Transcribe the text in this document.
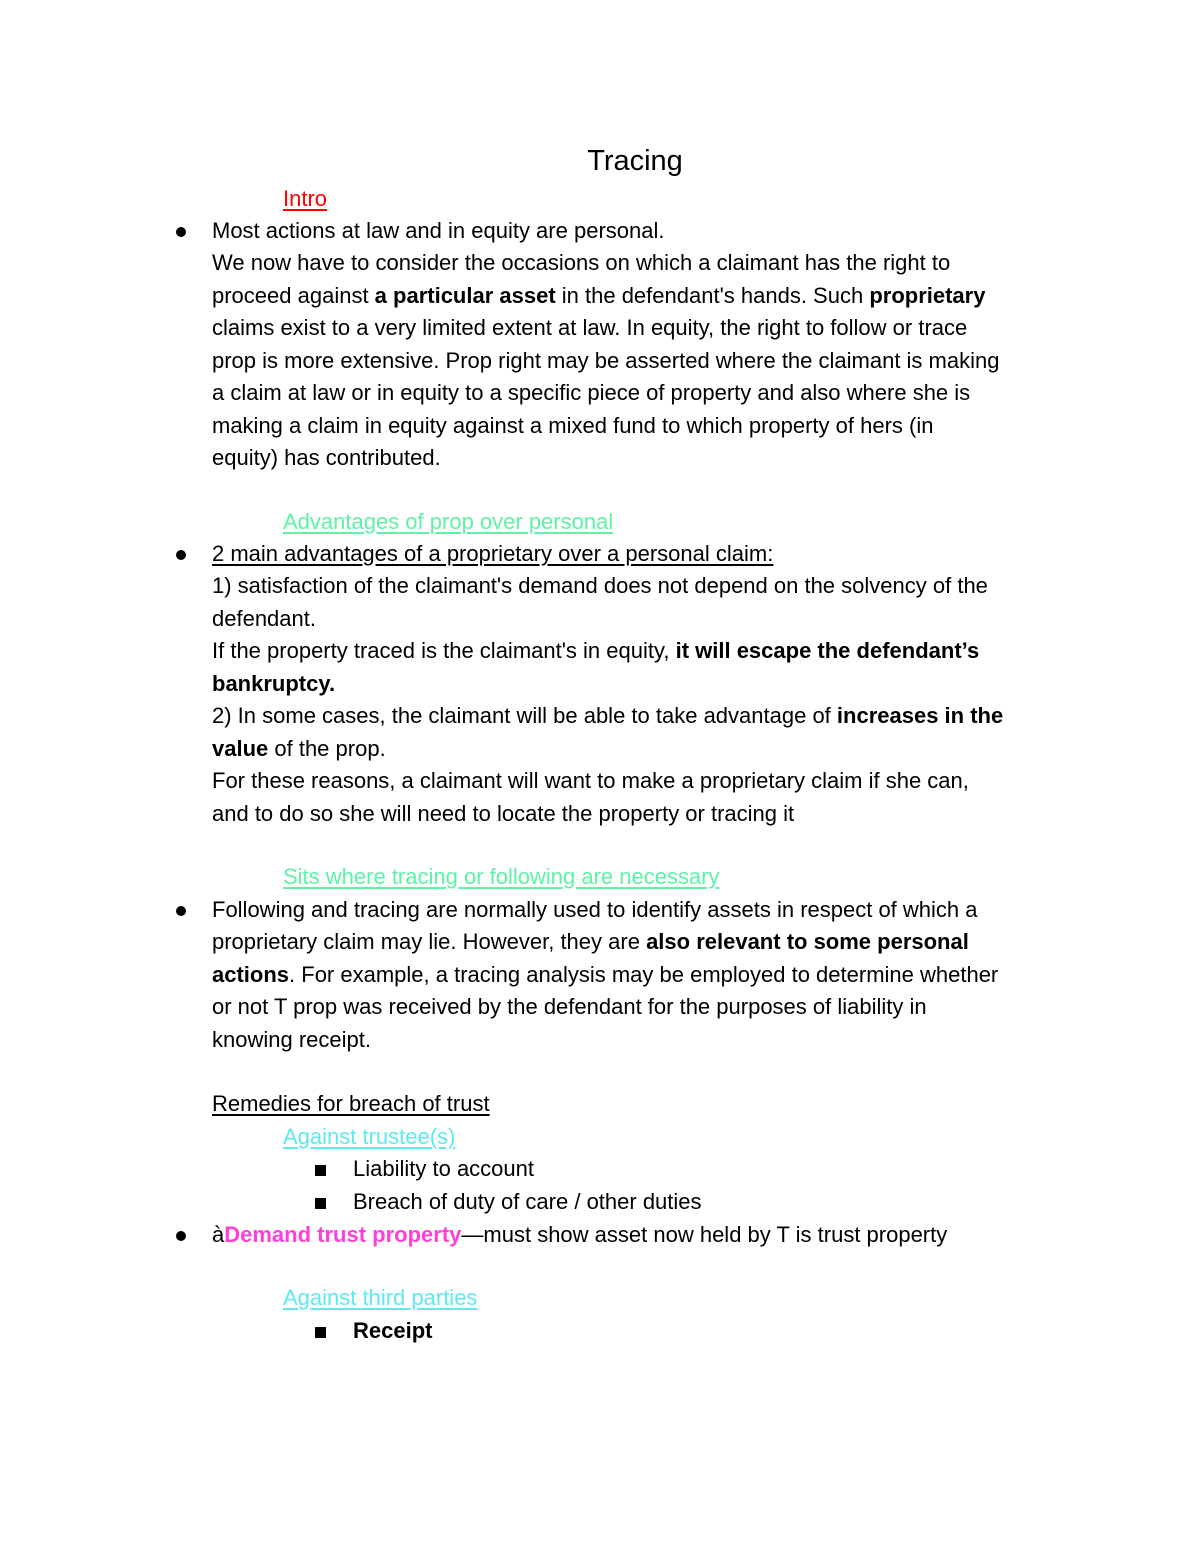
Tracing
Intro
Most actions at law and in equity are personal.
We now have to consider the occasions on which a claimant has the right to
proceed against a particular asset in the defendant's hands. Such proprietary
claims exist to a very limited extent at law. In equity, the right to follow or trace
prop is more extensive. Prop right may be asserted where the claimant is making
a claim at law or in equity to a specific piece of property and also where she is
making a claim in equity against a mixed fund to which property of hers (in
equity) has contributed.
Advantages of prop over personal
2 main advantages of a proprietary over a personal claim:
1) satisfaction of the claimant's demand does not depend on the solvency of the
defendant.
If the property traced is the claimant's in equity, it will escape the defendant’s
bankruptcy.
2) In some cases, the claimant will be able to take advantage of increases in the
value of the prop.
For these reasons, a claimant will want to make a proprietary claim if she can,
and to do so she will need to locate the property or tracing it
Sits where tracing or following are necessary
Following and tracing are normally used to identify assets in respect of which a
proprietary claim may lie. However, they are also relevant to some personal
actions. For example, a tracing analysis may be employed to determine whether
or not T prop was received by the defendant for the purposes of liability in
knowing receipt.
Remedies for breach of trust
Against trustee(s)
Liability to account
Breach of duty of care / other duties
àDemand trust property—must show asset now held by T is trust property
Against third parties
Receipt
